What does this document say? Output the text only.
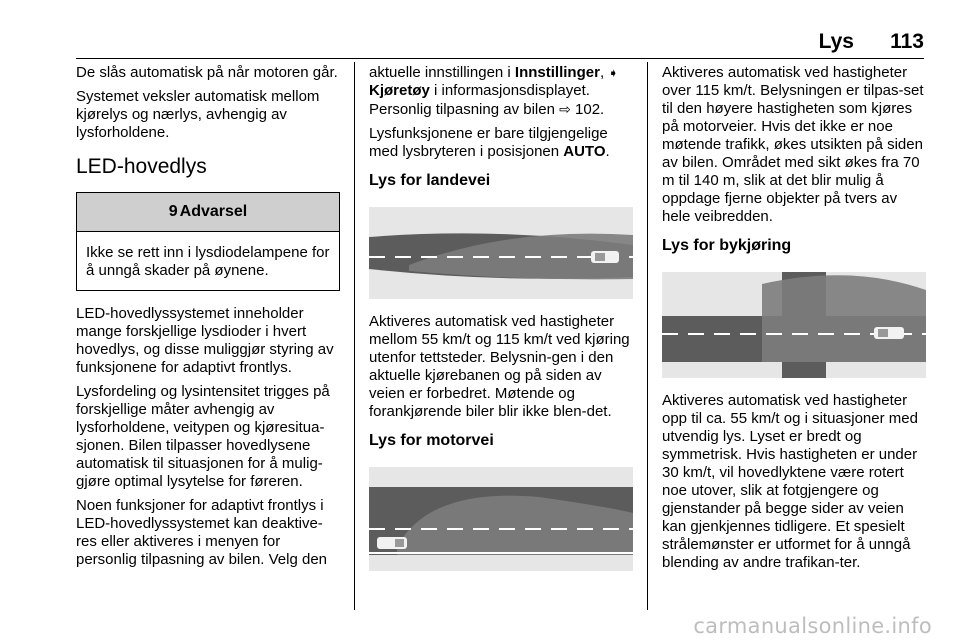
Lys 113

De slås automatisk på når motoren går.

Systemet veksler automatisk mellom kjørelys og nærlys, avhengig av lysforholdene.

LED-hovedlys
9 Advarsel
Ikke se rett inn i lysdiodelampene for å unngå skader på øynene.

LED-hovedlyssystemet inneholder mange forskjellige lysdioder i hvert hovedlys, og disse muliggjør styring av funksjonene for adaptivt frontlys.

Lysfordeling og lysintensitet trigges på forskjellige måter avhengig av lysforholdene, veitypen og kjøresitua-sjonen. Bilen tilpasser hovedlysene automatisk til situasjonen for å mulig-gjøre optimal lysytelse for føreren.

Noen funksjoner for adaptivt frontlys i LED-hovedlyssystemet kan deaktive-res eller aktiveres i menyen for personlig tilpasning av bilen. Velg den

aktuelle innstillingen i Innstillinger, ➧
Kjøretøy i informasjonsdisplayet.
Personlig tilpasning av bilen ⇨ 102.

Lysfunksjonene er bare tilgjengelige med lysbryteren i posisjonen AUTO.

Lys for landevei

Aktiveres automatisk ved hastigheter mellom 55 km/t og 115 km/t ved kjøring utenfor tettsteder. Belysnin-gen i den aktuelle kjørebanen og på siden av veien er forbedret. Møtende og forankjørende biler blir ikke blen-det.

Lys for motorvei

Aktiveres automatisk ved hastigheter over 115 km/t. Belysningen er tilpas-set til den høyere hastigheten som kjøres på motorveier. Hvis det ikke er noe møtende trafikk, økes utsikten på siden av bilen. Området med sikt økes fra 70 m til 140 m, slik at det blir mulig å oppdage fjerne objekter på tvers av hele veibredden.

Lys for bykjøring

Aktiveres automatisk ved hastigheter opp til ca. 55 km/t og i situasjoner med utvendig lys. Lyset er bredt og symmetrisk. Hvis hastigheten er under 30 km/t, vil hovedlyktene være rotert noe utover, slik at fotgjengere og gjenstander på begge sider av veien kan gjenkjennes tidligere. Et spesielt strålemønster er utformet for å unngå blending av andre trafikan-ter.

carmanualsonline.info
